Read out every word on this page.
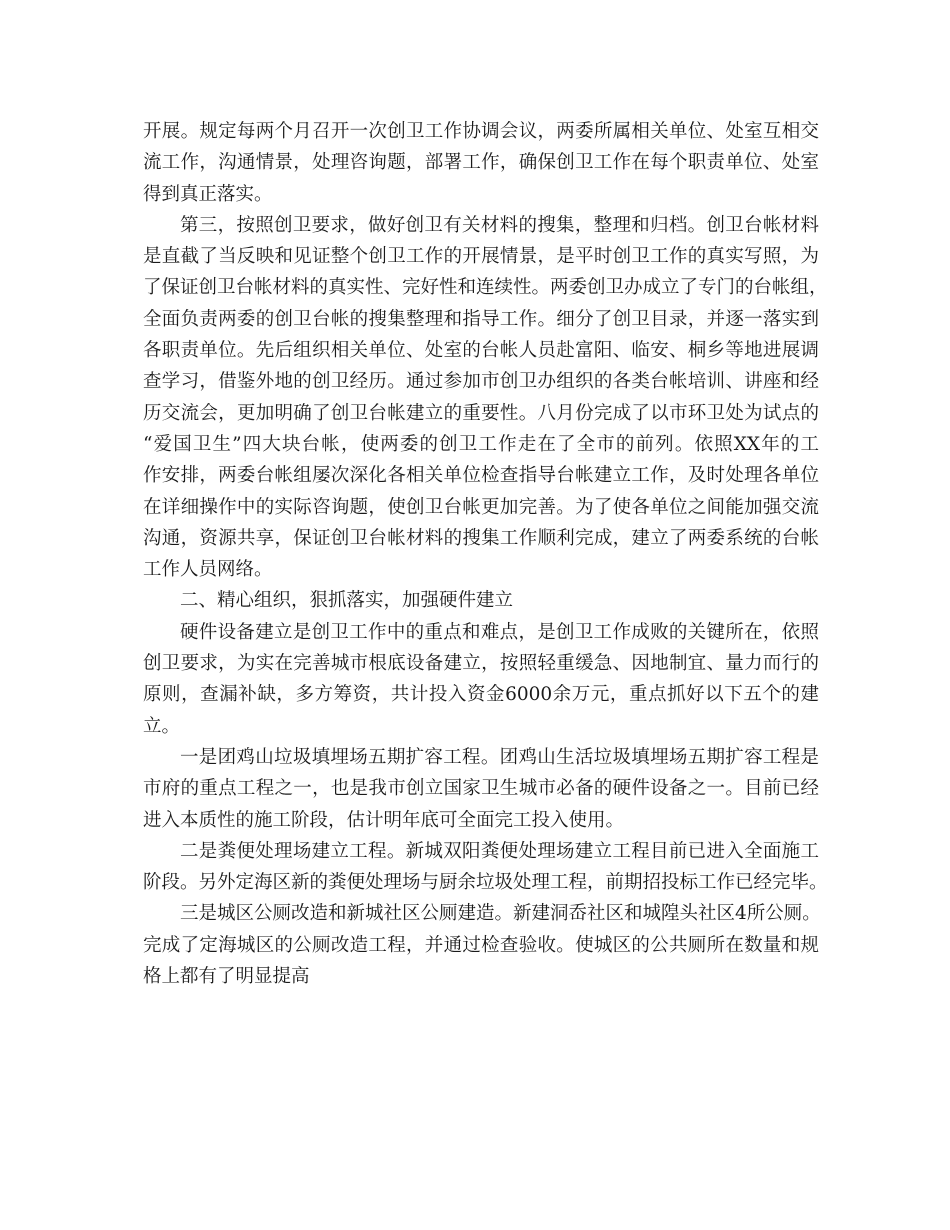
开展。规定每两个月召开一次创卫工作协调会议，两委所属相关单位、处室互相交
流工作，沟通情景，处理咨询题，部署工作，确保创卫工作在每个职责单位、处室
得到真正落实。
第三，按照创卫要求，做好创卫有关材料的搜集，整理和归档。创卫台帐材料
是直截了当反映和见证整个创卫工作的开展情景，是平时创卫工作的真实写照，为
了保证创卫台帐材料的真实性、完好性和连续性。两委创卫办成立了专门的台帐组，
全面负责两委的创卫台帐的搜集整理和指导工作。细分了创卫目录，并逐一落实到
各职责单位。先后组织相关单位、处室的台帐人员赴富阳、临安、桐乡等地进展调
查学习，借鉴外地的创卫经历。通过参加市创卫办组织的各类台帐培训、讲座和经
历交流会，更加明确了创卫台帐建立的重要性。八月份完成了以市环卫处为试点的
“爱国卫生”四大块台帐，使两委的创卫工作走在了全市的前列。依照XX年的工
作安排，两委台帐组屡次深化各相关单位检查指导台帐建立工作，及时处理各单位
在详细操作中的实际咨询题，使创卫台帐更加完善。为了使各单位之间能加强交流
沟通，资源共享，保证创卫台帐材料的搜集工作顺利完成，建立了两委系统的台帐
工作人员网络。
二、精心组织，狠抓落实，加强硬件建立
硬件设备建立是创卫工作中的重点和难点，是创卫工作成败的关键所在，依照
创卫要求，为实在完善城市根底设备建立，按照轻重缓急、因地制宜、量力而行的
原则，查漏补缺，多方筹资，共计投入资金6000余万元，重点抓好以下五个的建
立。
一是团鸡山垃圾填埋场五期扩容工程。团鸡山生活垃圾填埋场五期扩容工程是
市府的重点工程之一，也是我市创立国家卫生城市必备的硬件设备之一。目前已经
进入本质性的施工阶段，估计明年底可全面完工投入使用。
二是粪便处理场建立工程。新城双阳粪便处理场建立工程目前已进入全面施工
阶段。另外定海区新的粪便处理场与厨余垃圾处理工程，前期招投标工作已经完毕。
三是城区公厕改造和新城社区公厕建造。新建洞岙社区和城隍头社区4所公厕。
完成了定海城区的公厕改造工程，并通过检查验收。使城区的公共厕所在数量和规
格上都有了明显提高
